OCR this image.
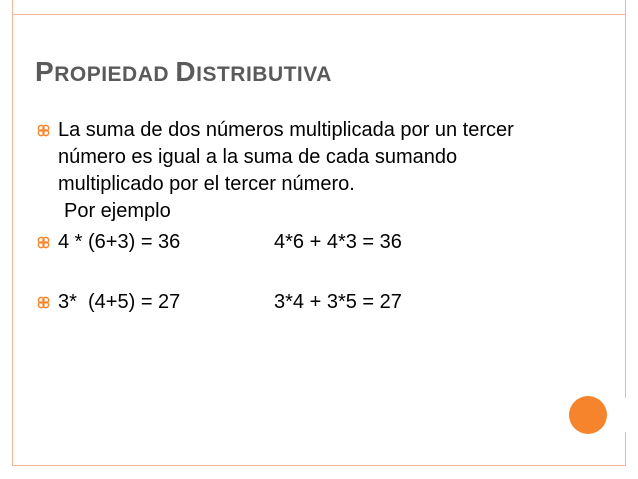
PROPIEDAD DISTRIBUTIVA
La suma de dos números multiplicada por un tercer
número es igual a la suma de cada sumando
multiplicado por el tercer número.
Por ejemplo
4 * (6+3) = 36	4*6 + 4*3 = 36
3*  (4+5) = 27	3*4 + 3*5 = 27
